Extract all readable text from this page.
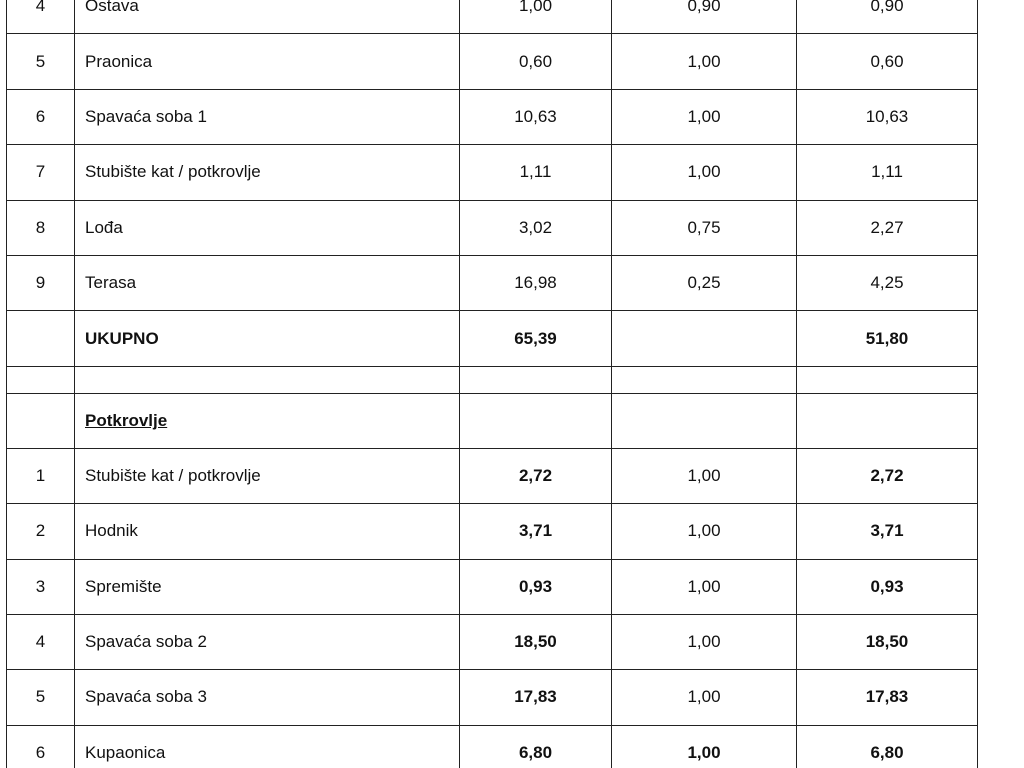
4	Ostava	1,00	0,90	0,90
5	Praonica	0,60	1,00	0,60
6	Spavaća soba 1	10,63	1,00	10,63
7	Stubište kat / potkrovlje	1,11	1,00	1,11
8	Lođa	3,02	0,75	2,27
9	Terasa	16,98	0,25	4,25
	UKUPNO	65,39		51,80

	Potkrovlje			
1	Stubište kat / potkrovlje	2,72	1,00	2,72
2	Hodnik	3,71	1,00	3,71
3	Spremište	0,93	1,00	0,93
4	Spavaća soba 2	18,50	1,00	18,50
5	Spavaća soba 3	17,83	1,00	17,83
6	Kupaonica	6,80	1,00	6,80
